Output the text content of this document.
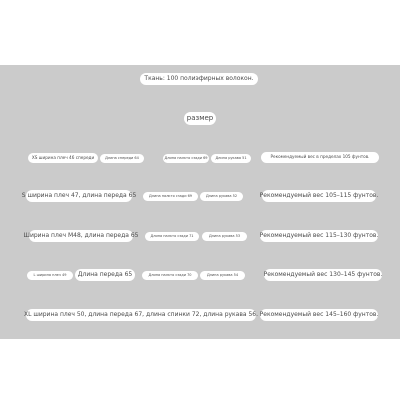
Ткань: 100 полиэфирных волокон.
размер
XS ширина плеч 46 спереди	Длина спереди 64	Длина палкто сзади 69	Длина рукава 51	Рекомендуемый вес в пределах 105 фунтов.
S ширина плеч 47, длина переда 65	Длина палкто сзади 69	Длина рукава 52	Рекомендуемый вес 105–115 фунтов.
Ширина плеч М48, длина переда 65	Длина палкто сзади 71	Длина рукава 53	Рекомендуемый вес 115–130 фунтов.
L ширина плеч 49	Длина переда 65	Длина палкто сзади 70	Длина рукава 54	Рекомендуемый вес 130–145 фунтов.
XL ширина плеч 50, длина переда 67, длина спинки 72, длина рукава 56. Рекомендуемый вес 145–160 фунтов.
